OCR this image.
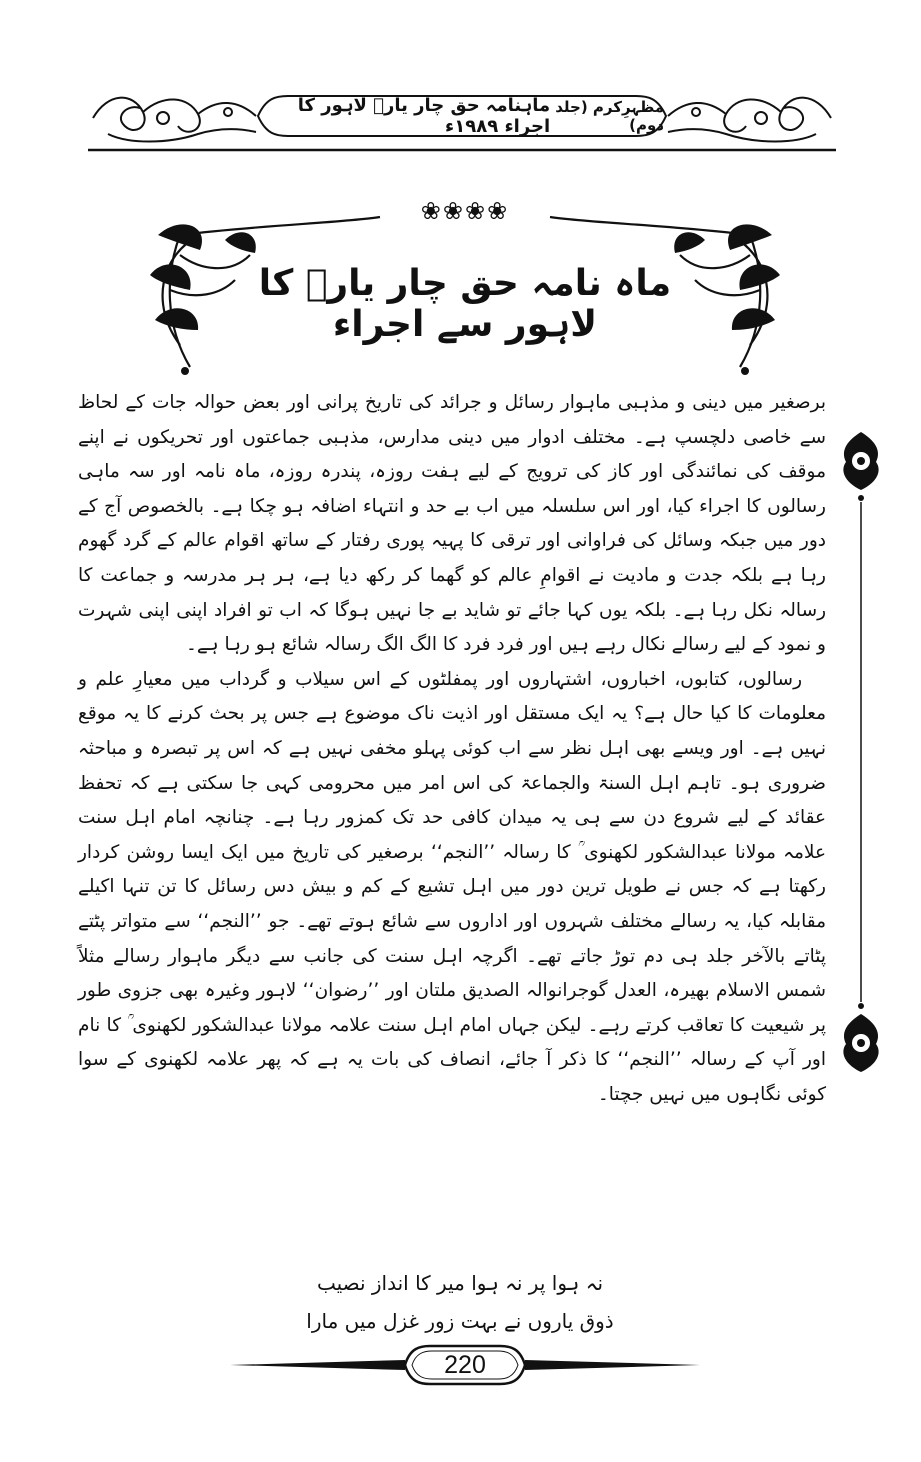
مظہرِکرم (جلد دوم)
ماہنامہ حق چار یارؓ لاہور کا اجراء ۱۹۸۹ء
❀❀❀❀
ماہ نامہ حق چار یارؓ کا لاہور سے اجراء

برصغیر میں دینی و مذہبی ماہوار رسائل و جرائد کی تاریخ پرانی اور بعض حوالہ جات کے لحاظ سے خاصی دلچسپ ہے۔ مختلف ادوار میں دینی مدارس، مذہبی جماعتوں اور تحریکوں نے اپنے موقف کی نمائندگی اور کاز کی ترویج کے لیے ہفت روزہ، پندرہ روزہ، ماہ نامہ اور سہ ماہی رسالوں کا اجراء کیا، اور اس سلسلہ میں اب بے حد و انتہاء اضافہ ہو چکا ہے۔ بالخصوص آج کے دور میں جبکہ وسائل کی فراوانی اور ترقی کا پہیہ پوری رفتار کے ساتھ اقوام عالم کے گرد گھوم رہا ہے بلکہ جدت و مادیت نے اقوامِ عالم کو گھما کر رکھ دیا ہے، ہر ہر مدرسہ و جماعت کا رسالہ نکل رہا ہے۔ بلکہ یوں کہا جائے تو شاید بے جا نہیں ہوگا کہ اب تو افراد اپنی اپنی شہرت و نمود کے لیے رسالے نکال رہے ہیں اور فرد فرد کا الگ الگ رسالہ شائع ہو رہا ہے۔

رسالوں، کتابوں، اخباروں، اشتہاروں اور پمفلٹوں کے اس سیلاب و گرداب میں معیارِ علم و معلومات کا کیا حال ہے؟ یہ ایک مستقل اور اذیت ناک موضوع ہے جس پر بحث کرنے کا یہ موقع نہیں ہے۔ اور ویسے بھی اہل نظر سے اب کوئی پہلو مخفی نہیں ہے کہ اس پر تبصرہ و مباحثہ ضروری ہو۔ تاہم اہل السنۃ والجماعۃ کی اس امر میں محرومی کہی جا سکتی ہے کہ تحفظ عقائد کے لیے شروع دن سے ہی یہ میدان کافی حد تک کمزور رہا ہے۔ چنانچہ امام اہل سنت علامہ مولانا عبدالشکور لکھنوی ؒ کا رسالہ ’’النجم‘‘ برصغیر کی تاریخ میں ایک ایسا روشن کردار رکھتا ہے کہ جس نے طویل ترین دور میں اہل تشیع کے کم و بیش دس رسائل کا تن تنہا اکیلے مقابلہ کیا، یہ رسالے مختلف شہروں اور اداروں سے شائع ہوتے تھے۔ جو ’’النجم‘‘ سے متواتر پٹتے پٹاتے بالآخر جلد ہی دم توڑ جاتے تھے۔ اگرچہ اہل سنت کی جانب سے دیگر ماہوار رسالے مثلاً شمس الاسلام بھیرہ، العدل گوجرانوالہ الصدیق ملتان اور ’’رضوان‘‘ لاہور وغیرہ بھی جزوی طور پر شیعیت کا تعاقب کرتے رہے۔ لیکن جہاں امام اہل سنت علامہ مولانا عبدالشکور لکھنوی ؒ کا نام اور آپ کے رسالہ ’’النجم‘‘ کا ذکر آ جائے، انصاف کی بات یہ ہے کہ پھر علامہ لکھنوی کے سوا کوئی نگاہوں میں نہیں جچتا۔

نہ ہوا پر نہ ہوا میر کا انداز نصیب
ذوق یاروں نے بہت زور غزل میں مارا
220
